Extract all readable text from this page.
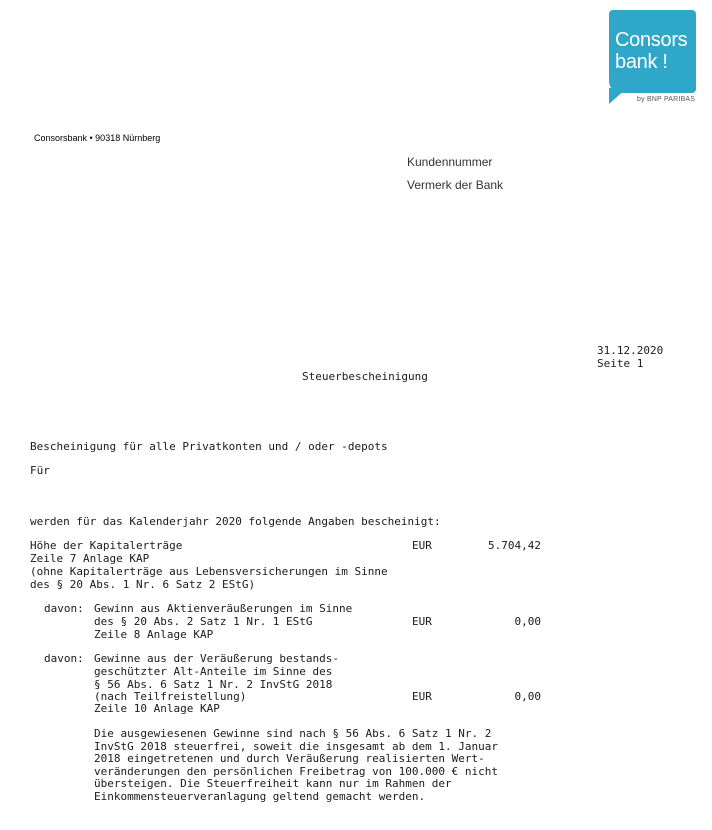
Consors
bank !
by BNP PARIBAS
Consorsbank • 90318 Nürnberg
Kundennummer
Vermerk der Bank
31.12.2020
Seite 1
Steuerbescheinigung
Bescheinigung für alle Privatkonten und / oder -depots
Für
werden für das Kalenderjahr 2020 folgende Angaben bescheinigt:
Höhe der Kapitalerträge
Zeile 7 Anlage KAP
(ohne Kapitalerträge aus Lebensversicherungen im Sinne
des § 20 Abs. 1 Nr. 6 Satz 2 EStG)
EUR	5.704,42
davon: Gewinn aus Aktienveräußerungen im Sinne
des § 20 Abs. 2 Satz 1 Nr. 1 EStG
Zeile 8 Anlage KAP
EUR	0,00
davon: Gewinne aus der Veräußerung bestands-
geschützter Alt-Anteile im Sinne des
§ 56 Abs. 6 Satz 1 Nr. 2 InvStG 2018
(nach Teilfreistellung)
Zeile 10 Anlage KAP
EUR	0,00
Die ausgewiesenen Gewinne sind nach § 56 Abs. 6 Satz 1 Nr. 2
InvStG 2018 steuerfrei, soweit die insgesamt ab dem 1. Januar
2018 eingetretenen und durch Veräußerung realisierten Wert-
veränderungen den persönlichen Freibetrag von 100.000 € nicht
übersteigen. Die Steuerfreiheit kann nur im Rahmen der
Einkommensteuerveranlagung geltend gemacht werden.
